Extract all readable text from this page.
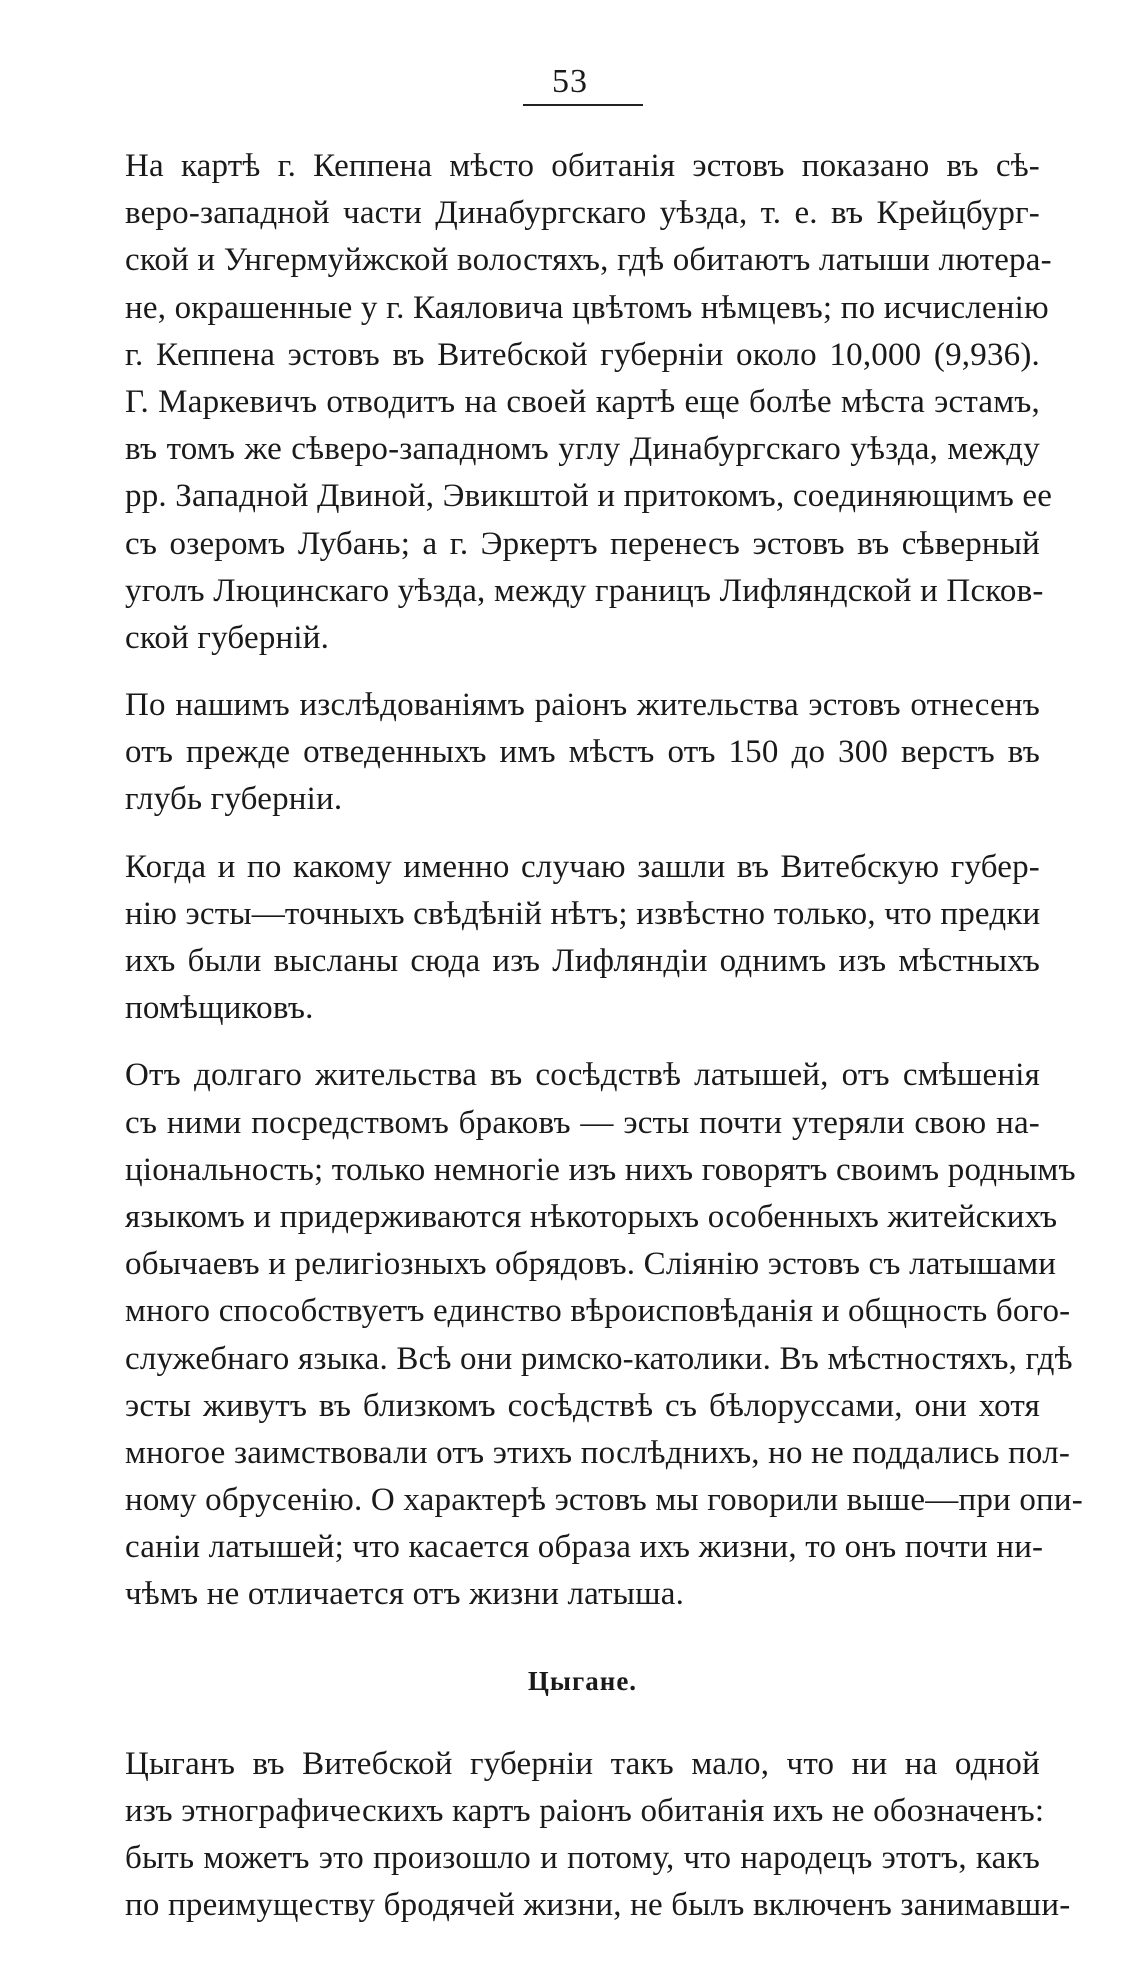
53
На картѣ г. Кеппена мѣсто обитанія эстовъ показано въ сѣ-
веро-западной части Динабургскаго уѣзда, т. е. въ Крейцбург-
ской и Унгермуйжской волостяхъ, гдѣ обитаютъ латыши лютера-
не, окрашенные у г. Каяловича цвѣтомъ нѣмцевъ; по исчисленію
г. Кеппена эстовъ въ Витебской губерніи около 10,000 (9,936).
Г. Маркевичъ отводитъ на своей картѣ еще болѣе мѣста эстамъ,
въ томъ же сѣверо-западномъ углу Динабургскаго уѣзда, между
рр. Западной Двиной, Эвикштой и притокомъ, соединяющимъ ее
съ озеромъ Лубань; а г. Эркертъ перенесъ эстовъ въ сѣверный
уголъ Люцинскаго уѣзда, между границъ Лифляндской и Псков-
ской губерній.
По нашимъ изслѣдованіямъ раіонъ жительства эстовъ отнесенъ
отъ прежде отведенныхъ имъ мѣстъ отъ 150 до 300 верстъ въ
глубь губерніи.
Когда и по какому именно случаю зашли въ Витебскую губер-
нію эсты—точныхъ свѣдѣній нѣтъ; извѣстно только, что предки
ихъ были высланы сюда изъ Лифляндіи однимъ изъ мѣстныхъ
помѣщиковъ.
Отъ долгаго жительства въ сосѣдствѣ латышей, отъ смѣшенія
съ ними посредствомъ браковъ — эсты почти утеряли свою на-
ціональность; только немногіе изъ нихъ говорятъ своимъ роднымъ
языкомъ и придерживаются нѣкоторыхъ особенныхъ житейскихъ
обычаевъ и религіозныхъ обрядовъ. Сліянію эстовъ съ латышами
много способствуетъ единство вѣроисповѣданія и общность бого-
служебнаго языка. Всѣ они римско-католики. Въ мѣстностяхъ, гдѣ
эсты живутъ въ близкомъ сосѣдствѣ съ бѣлоруссами, они хотя
многое заимствовали отъ этихъ послѣднихъ, но не поддались пол-
ному обрусенію. О характерѣ эстовъ мы говорили выше—при опи-
саніи латышей; что касается образа ихъ жизни, то онъ почти ни-
чѣмъ не отличается отъ жизни латыша.
Цыгане.
Цыганъ въ Витебской губерніи такъ мало, что ни на одной
изъ этнографическихъ картъ раіонъ обитанія ихъ не обозначенъ:
быть можетъ это произошло и потому, что народецъ этотъ, какъ
по преимуществу бродячей жизни, не былъ включенъ занимавши-
